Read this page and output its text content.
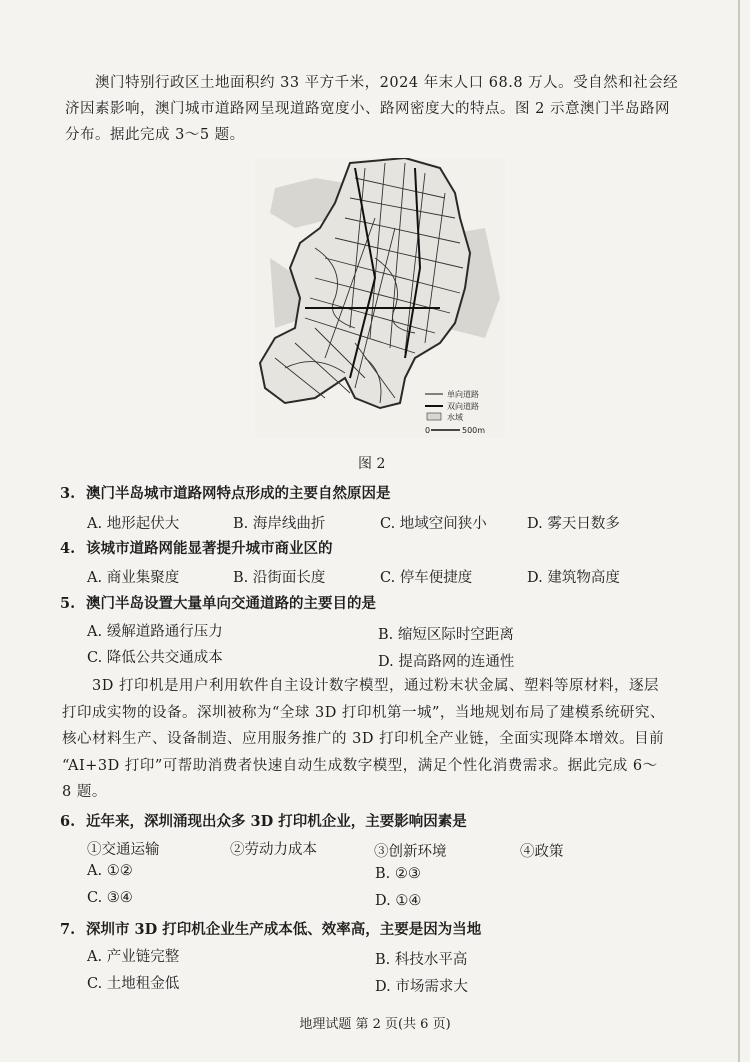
澳门特别行政区土地面积约 33 平方千米，2024 年末人口 68.8 万人。受自然和社会经
济因素影响，澳门城市道路网呈现道路宽度小、路网密度大的特点。图 2 示意澳门半岛路网
分布。据此完成 3～5 题。
单向道路
双向道路
水域
0	500m
图 2
3. 澳门半岛城市道路网特点形成的主要自然原因是
A. 地形起伏大	B. 海岸线曲折	C. 地域空间狭小	D. 雾天日数多
4. 该城市道路网能显著提升城市商业区的
A. 商业集聚度	B. 沿街面长度	C. 停车便捷度	D. 建筑物高度
5. 澳门半岛设置大量单向交通道路的主要目的是
A. 缓解道路通行压力	B. 缩短区际时空距离
C. 降低公共交通成本	D. 提高路网的连通性
3D 打印机是用户利用软件自主设计数字模型，通过粉末状金属、塑料等原材料，逐层
打印成实物的设备。深圳被称为“全球 3D 打印机第一城”，当地规划布局了建模系统研究、
核心材料生产、设备制造、应用服务推广的 3D 打印机全产业链，全面实现降本增效。目前
“AI+3D 打印”可帮助消费者快速自动生成数字模型，满足个性化消费需求。据此完成 6～
8 题。
6. 近年来，深圳涌现出众多 3D 打印机企业，主要影响因素是
①交通运输	②劳动力成本	③创新环境	④政策
A. ①②	B. ②③
C. ③④	D. ①④
7. 深圳市 3D 打印机企业生产成本低、效率高，主要是因为当地
A. 产业链完整	B. 科技水平高
C. 土地租金低	D. 市场需求大
地理试题 第 2 页(共 6 页)
